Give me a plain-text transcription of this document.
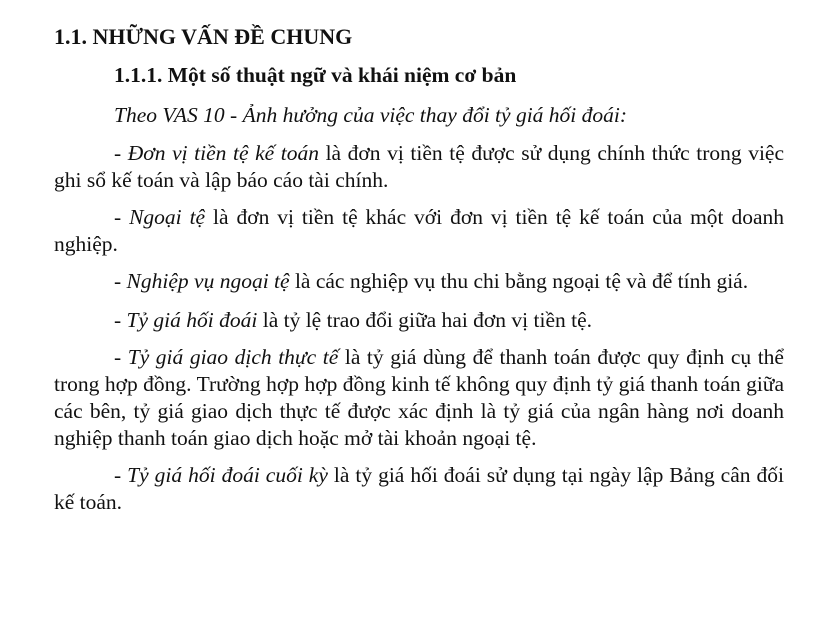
1.1. NHỮNG VẤN ĐỀ CHUNG
1.1.1. Một số thuật ngữ và khái niệm cơ bản
Theo VAS 10 - Ảnh hưởng của việc thay đổi tỷ giá hối đoái:

- Đơn vị tiền tệ kế toán là đơn vị tiền tệ được sử dụng chính thức trong việc ghi sổ kế toán và lập báo cáo tài chính.

- Ngoại tệ là đơn vị tiền tệ khác với đơn vị tiền tệ kế toán của một doanh nghiệp.

- Nghiệp vụ ngoại tệ là các nghiệp vụ thu chi bằng ngoại tệ và để tính giá.

- Tỷ giá hối đoái là tỷ lệ trao đổi giữa hai đơn vị tiền tệ.

- Tỷ giá giao dịch thực tế là tỷ giá dùng để thanh toán được quy định cụ thể trong hợp đồng. Trường hợp hợp đồng kinh tế không quy định tỷ giá thanh toán giữa các bên, tỷ giá giao dịch thực tế được xác định là tỷ giá của ngân hàng nơi doanh nghiệp thanh toán giao dịch hoặc mở tài khoản ngoại tệ.

- Tỷ giá hối đoái cuối kỳ là tỷ giá hối đoái sử dụng tại ngày lập Bảng cân đối kế toán.
